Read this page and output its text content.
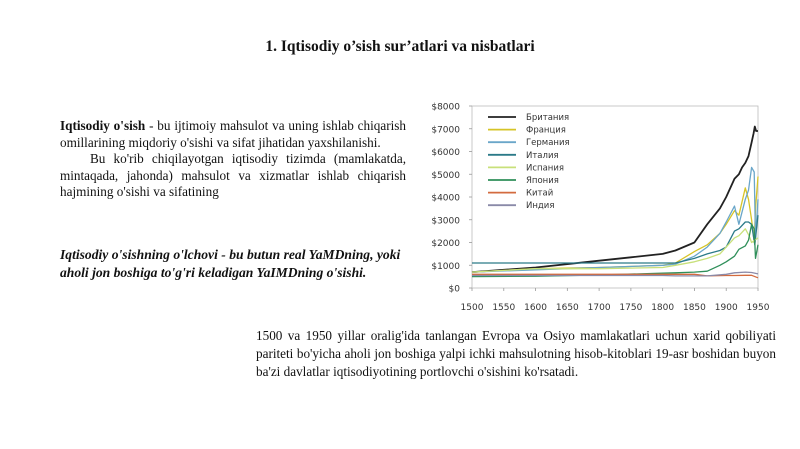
1. Iqtisodiy o’sish sur’atlari va nisbatlari

Iqtisodiy o'sish - bu ijtimoiy mahsulot va uning ishlab chiqarish omillarining miqdoriy o'sishi va sifat jihatidan yaxshilanishi.

Bu ko'rib chiqilayotgan iqtisodiy tizimda (mamlakatda, mintaqada, jahonda) mahsulot va xizmatlar ishlab chiqarish hajmining o'sishi va sifatining

Iqtisodiy o'sishning o'lchovi - bu butun real YaMDning, yoki aholi jon boshiga to'g'ri keladigan YaIMDning o'sishi.
$0
$1000
$2000
$3000
$4000
$5000
$6000
$7000
$8000
1500 1550 1600 1650 1700 1750 1800 1850 1900 1950
Британия
Франция
Германия
Италия
Испания
Япония
Китай
Индия
1500 va 1950 yillar oralig'ida tanlangan Evropa va Osiyo mamlakatlari uchun xarid qobiliyati pariteti bo'yicha aholi jon boshiga yalpi ichki mahsulotning hisob-kitoblari 19-asr boshidan buyon ba'zi davlatlar iqtisodiyotining portlovchi o'sishini ko'rsatadi.
